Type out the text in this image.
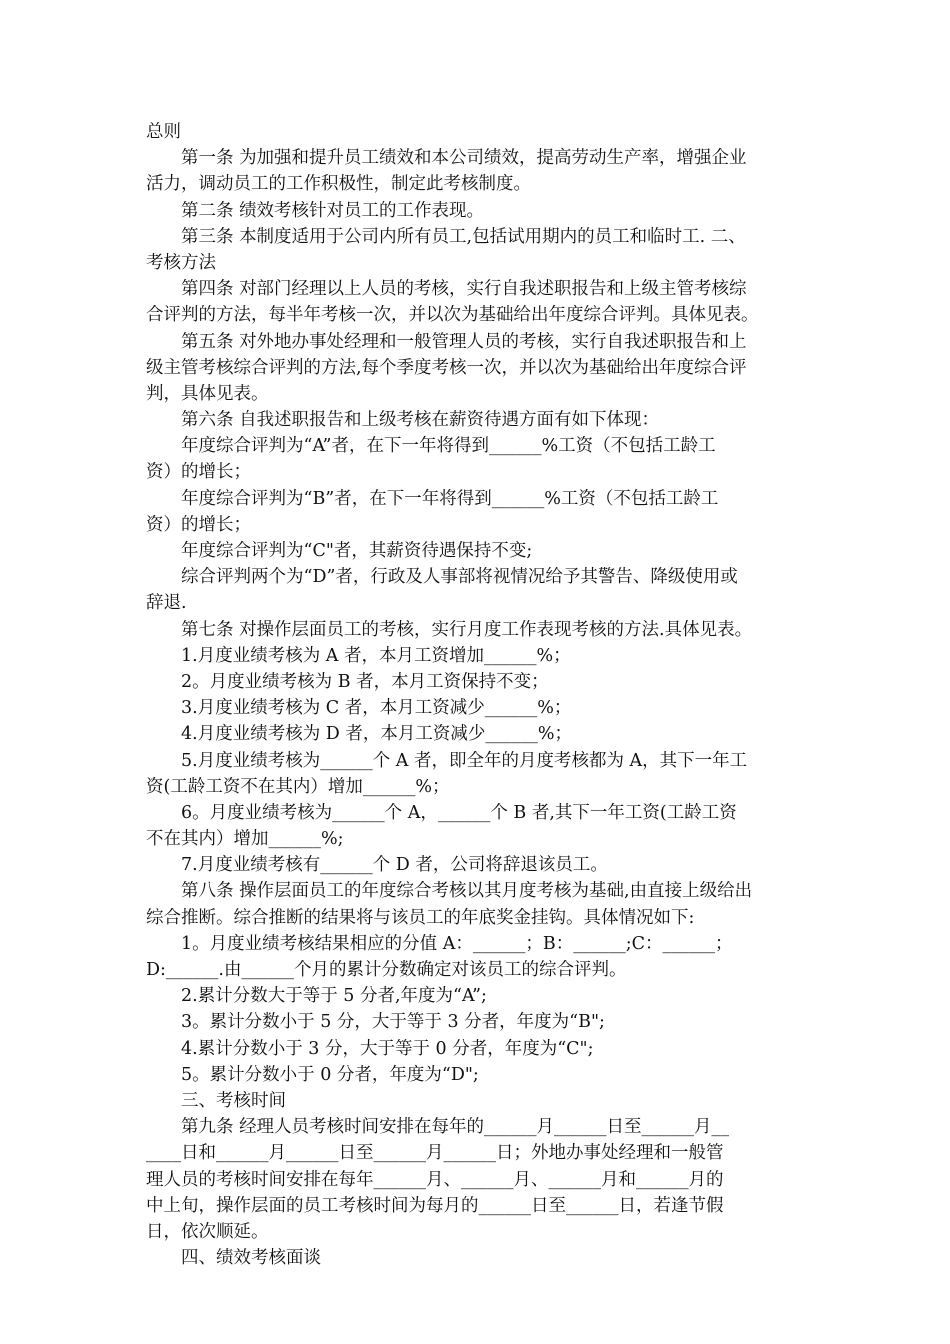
总则
第一条 为加强和提升员工绩效和本公司绩效，提高劳动生产率，增强企业
活力，调动员工的工作积极性，制定此考核制度。
第二条 绩效考核针对员工的工作表现。
第三条 本制度适用于公司内所有员工,包括试用期内的员工和临时工. 二、
考核方法
第四条 对部门经理以上人员的考核，实行自我述职报告和上级主管考核综
合评判的方法，每半年考核一次，并以次为基础给出年度综合评判。具体见表。
第五条 对外地办事处经理和一般管理人员的考核，实行自我述职报告和上
级主管考核综合评判的方法,每个季度考核一次，并以次为基础给出年度综合评
判，具体见表。
第六条 自我述职报告和上级考核在薪资待遇方面有如下体现：
年度综合评判为“A”者，在下一年将得到______%工资（不包括工龄工
资）的增长；
年度综合评判为“B”者，在下一年将得到______%工资（不包括工龄工
资）的增长；
年度综合评判为“C"者，其薪资待遇保持不变;
综合评判两个为“D”者，行政及人事部将视情况给予其警告、降级使用或
辞退.
第七条 对操作层面员工的考核，实行月度工作表现考核的方法.具体见表。
1.月度业绩考核为 A 者，本月工资增加______%；
2。月度业绩考核为 B 者，本月工资保持不变；
3.月度业绩考核为 C 者，本月工资减少______%；
4.月度业绩考核为 D 者，本月工资减少______%；
5.月度业绩考核为______个 A 者，即全年的月度考核都为 A，其下一年工
资(工龄工资不在其内）增加______%；
6。月度业绩考核为______个 A，______个 B 者,其下一年工资(工龄工资
不在其内）增加______%;
7.月度业绩考核有______个 D 者，公司将辞退该员工。
第八条 操作层面员工的年度综合考核以其月度考核为基础,由直接上级给出
综合推断。综合推断的结果将与该员工的年底奖金挂钩。具体情况如下:
1。月度业绩考核结果相应的分值 A：______；B：______;C：______；
D:______.由______个月的累计分数确定对该员工的综合评判。
2.累计分数大于等于 5 分者,年度为“A”;
3。累计分数小于 5 分，大于等于 3 分者，年度为“B";
4.累计分数小于 3 分，大于等于 0 分者，年度为“C";
5。累计分数小于 0 分者，年度为“D";
三、考核时间
第九条 经理人员考核时间安排在每年的______月______日至______月__
____日和______月______日至______月______日；外地办事处经理和一般管
理人员的考核时间安排在每年______月、______月、______月和______月的
中上旬，操作层面的员工考核时间为每月的______日至______日，若逢节假
日，依次顺延。
四、绩效考核面谈
